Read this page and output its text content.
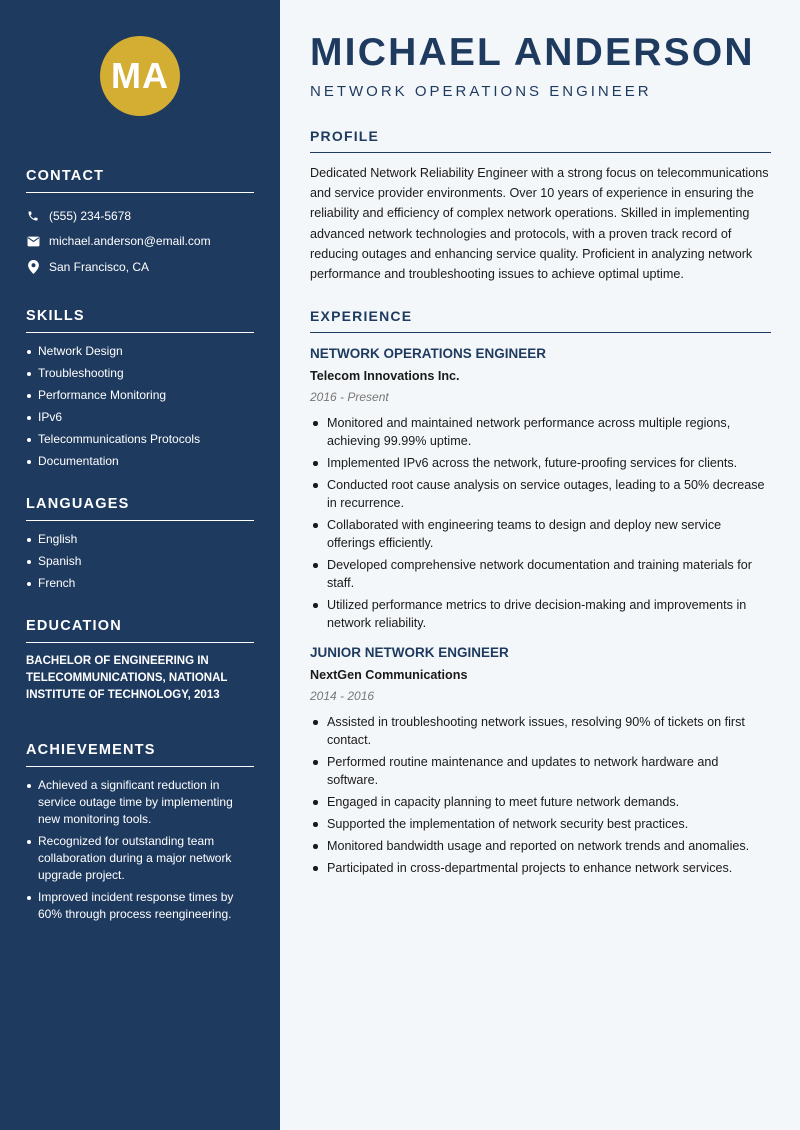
MA
CONTACT
(555) 234-5678
michael.anderson@email.com
San Francisco, CA
SKILLS
Network Design
Troubleshooting
Performance Monitoring
IPv6
Telecommunications Protocols
Documentation
LANGUAGES
English
Spanish
French
EDUCATION
BACHELOR OF ENGINEERING IN TELECOMMUNICATIONS, NATIONAL INSTITUTE OF TECHNOLOGY, 2013
ACHIEVEMENTS
Achieved a significant reduction in service outage time by implementing new monitoring tools.
Recognized for outstanding team collaboration during a major network upgrade project.
Improved incident response times by 60% through process reengineering.
MICHAEL ANDERSON
NETWORK OPERATIONS ENGINEER
PROFILE

Dedicated Network Reliability Engineer with a strong focus on telecommunications and service provider environments. Over 10 years of experience in ensuring the reliability and efficiency of complex network operations. Skilled in implementing advanced network technologies and protocols, with a proven track record of reducing outages and enhancing service quality. Proficient in analyzing network performance and troubleshooting issues to achieve optimal uptime.

EXPERIENCE
NETWORK OPERATIONS ENGINEER
Telecom Innovations Inc.
2016 - Present
Monitored and maintained network performance across multiple regions, achieving 99.99% uptime.
Implemented IPv6 across the network, future-proofing services for clients.
Conducted root cause analysis on service outages, leading to a 50% decrease in recurrence.
Collaborated with engineering teams to design and deploy new service offerings efficiently.
Developed comprehensive network documentation and training materials for staff.
Utilized performance metrics to drive decision-making and improvements in network reliability.
JUNIOR NETWORK ENGINEER
NextGen Communications
2014 - 2016
Assisted in troubleshooting network issues, resolving 90% of tickets on first contact.
Performed routine maintenance and updates to network hardware and software.
Engaged in capacity planning to meet future network demands.
Supported the implementation of network security best practices.
Monitored bandwidth usage and reported on network trends and anomalies.
Participated in cross-departmental projects to enhance network services.
